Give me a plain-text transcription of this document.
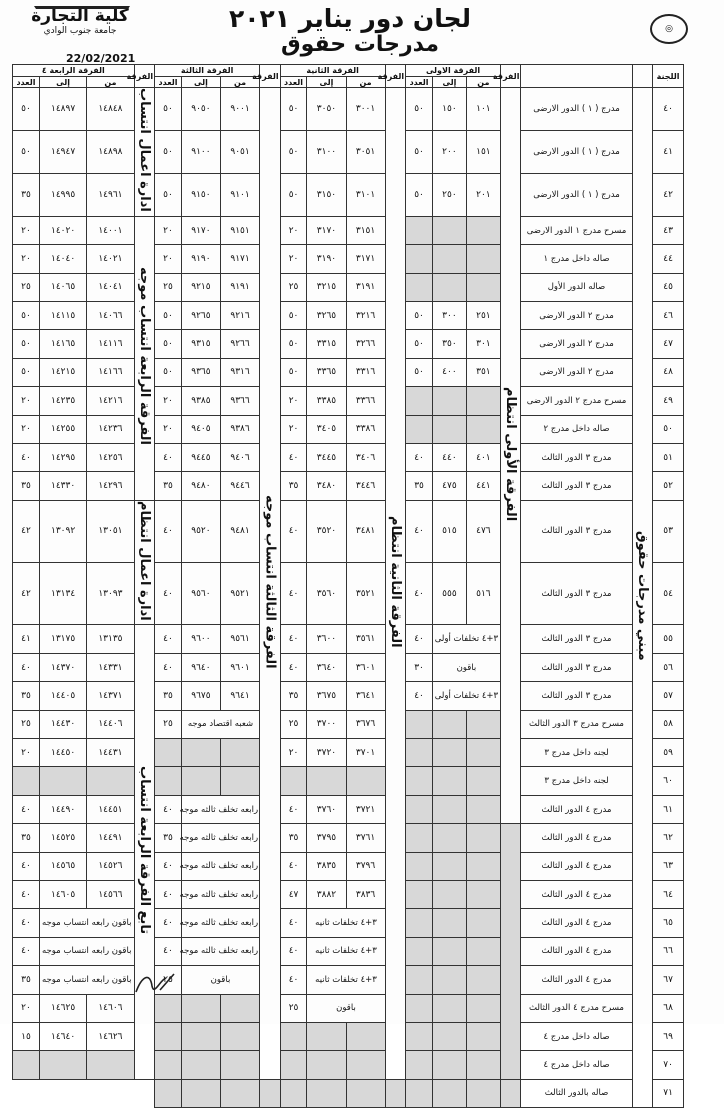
كلية التجارة
جامعة جنوب الوادي	لجان دور يناير ٢٠٢١
مدرجات حقوق
◎
22/02/2021
اللجنة			الفرقة	الفرقة الاولى			الفرقة	الفرقة الثانية			الفرقة	الفرقة الثالثة			الفرقة	الفرقة الرابعة ٤		
				من	إلى	العدد		من	إلى	العدد		من	إلى	العدد		من	إلى	العدد
٤٠	مبني مدرجات حقوق	مدرج ( ١ ) الدور الارضى	الفرقة الأولى انتظام	١٠١	١٥٠	٥٠	الفرقة الثانية انتظام	٣٠٠١	٣٠٥٠	٥٠	الفرقة الثالثة انتساب موجه	٩٠٠١	٩٠٥٠	٥٠	ادارة اعمال انتساب	١٤٨٤٨	١٤٨٩٧	٥٠
٤١		مدرج ( ١ ) الدور الارضى		١٥١	٢٠٠	٥٠		٣٠٥١	٣١٠٠	٥٠		٩٠٥١	٩١٠٠	٥٠		١٤٨٩٨	١٤٩٤٧	٥٠
٤٢		مدرج ( ١ ) الدور الارضى		٢٠١	٢٥٠	٥٠		٣١٠١	٣١٥٠	٥٠		٩١٠١	٩١٥٠	٥٠		١٤٩٦١	١٤٩٩٥	٣٥
٤٣		مسرح مدرج ١ الدور الارضى						٣١٥١	٣١٧٠	٢٠		٩١٥١	٩١٧٠	٢٠	الفرقة الرابعة انتساب موجه	١٤٠٠١	١٤٠٢٠	٢٠
٤٤		صاله داخل مدرج ١						٣١٧١	٣١٩٠	٢٠		٩١٧١	٩١٩٠	٢٠		١٤٠٢١	١٤٠٤٠	٢٠
٤٥		صاله الدور الأول						٣١٩١	٣٢١٥	٢٥		٩١٩١	٩٢١٥	٢٥		١٤٠٤١	١٤٠٦٥	٢٥
٤٦		مدرج ٢ الدور الارضى		٢٥١	٣٠٠	٥٠		٣٢١٦	٣٢٦٥	٥٠		٩٢١٦	٩٢٦٥	٥٠		١٤٠٦٦	١٤١١٥	٥٠
٤٧		مدرج ٢ الدور الارضى		٣٠١	٣٥٠	٥٠		٣٢٦٦	٣٣١٥	٥٠		٩٢٦٦	٩٣١٥	٥٠		١٤١١٦	١٤١٦٥	٥٠
٤٨		مدرج ٢ الدور الارضى		٣٥١	٤٠٠	٥٠		٣٣١٦	٣٣٦٥	٥٠		٩٣١٦	٩٣٦٥	٥٠		١٤١٦٦	١٤٢١٥	٥٠
٤٩		مسرح مدرج ٢ الدور الارضى						٣٣٦٦	٣٣٨٥	٢٠		٩٣٦٦	٩٣٨٥	٢٠		١٤٢١٦	١٤٢٣٥	٢٠
٥٠		صاله داخل مدرج ٢						٣٣٨٦	٣٤٠٥	٢٠		٩٣٨٦	٩٤٠٥	٢٠		١٤٢٣٦	١٤٢٥٥	٢٠
٥١		مدرج ٣ الدور الثالث		٤٠١	٤٤٠	٤٠		٣٤٠٦	٣٤٤٥	٤٠		٩٤٠٦	٩٤٤٥	٤٠		١٤٢٥٦	١٤٢٩٥	٤٠
٥٢		مدرج ٣ الدور الثالث		٤٤١	٤٧٥	٣٥		٣٤٤٦	٣٤٨٠	٣٥		٩٤٤٦	٩٤٨٠	٣٥		١٤٢٩٦	١٤٣٣٠	٣٥
٥٣		مدرج ٣ الدور الثالث		٤٧٦	٥١٥	٤٠		٣٤٨١	٣٥٢٠	٤٠		٩٤٨١	٩٥٢٠	٤٠	ادارة اعمال انتظام	١٣٠٥١	١٣٠٩٢	٤٢
٥٤		مدرج ٣ الدور الثالث		٥١٦	٥٥٥	٤٠		٣٥٢١	٣٥٦٠	٤٠		٩٥٢١	٩٥٦٠	٤٠		١٣٠٩٣	١٣١٣٤	٤٢
٥٥		مدرج ٣ الدور الثالث		٣+٤ تخلفات أولى		٤٠		٣٥٦١	٣٦٠٠	٤٠		٩٥٦١	٩٦٠٠	٤٠	تابع الفرقة الرابعة انتساب	١٣١٣٥	١٣١٧٥	٤١
٥٦		مدرج ٣ الدور الثالث		باقون		٣٠		٣٦٠١	٣٦٤٠	٤٠		٩٦٠١	٩٦٤٠	٤٠		١٤٣٣١	١٤٣٧٠	٤٠
٥٧		مدرج ٣ الدور الثالث		٣+٤ تخلفات أولى		٤٠		٣٦٤١	٣٦٧٥	٣٥		٩٦٤١	٩٦٧٥	٣٥		١٤٣٧١	١٤٤٠٥	٣٥
٥٨		مسرح مدرج ٣ الدور الثالث						٣٦٧٦	٣٧٠٠	٢٥		شعبه اقتصاد موجه		٢٥		١٤٤٠٦	١٤٤٣٠	٢٥
٥٩		لجنه داخل مدرج ٣						٣٧٠١	٣٧٢٠	٢٠						١٤٤٣١	١٤٤٥٠	٢٠
٦٠		لجنه داخل مدرج ٣																
٦١		مدرج ٤ الدور الثالث						٣٧٢١	٣٧٦٠	٤٠		رابعه تخلف ثالثه موجه		٤٠		١٤٤٥١	١٤٤٩٠	٤٠
٦٢		مدرج ٤ الدور الثالث						٣٧٦١	٣٧٩٥	٣٥		رابعه تخلف ثالثه موجه		٣٥		١٤٤٩١	١٤٥٢٥	٣٥
٦٣		مدرج ٤ الدور الثالث						٣٧٩٦	٣٨٣٥	٤٠		رابعه تخلف ثالثه موجه		٤٠		١٤٥٢٦	١٤٥٦٥	٤٠
٦٤		مدرج ٤ الدور الثالث						٣٨٣٦	٣٨٨٢	٤٧		رابعه تخلف ثالثه موجه		٤٠		١٤٥٦٦	١٤٦٠٥	٤٠
٦٥		مدرج ٤ الدور الثالث						٣+٤ تخلفات ثانيه		٤٠		رابعه تخلف ثالثه موجه		٤٠		باقون رابعه انتساب موجه		٤٠
٦٦		مدرج ٤ الدور الثالث						٣+٤ تخلفات ثانيه		٤٠		رابعه تخلف ثالثه موجه		٤٠		باقون رابعه انتساب موجه		٤٠
٦٧		مدرج ٤ الدور الثالث						٣+٤ تخلفات ثانيه		٤٠		باقون		٢٥		باقون رابعه انتساب موجه		٣٥
٦٨		مسرح مدرج ٤ الدور الثالث						باقون		٢٥						١٤٦٠٦	١٤٦٢٥	٢٠
٦٩		صاله داخل مدرج ٤														١٤٦٢٦	١٤٦٤٠	١٥
٧٠		صاله داخل مدرج ٤																
٧١		صاله بالدور الثالث																
